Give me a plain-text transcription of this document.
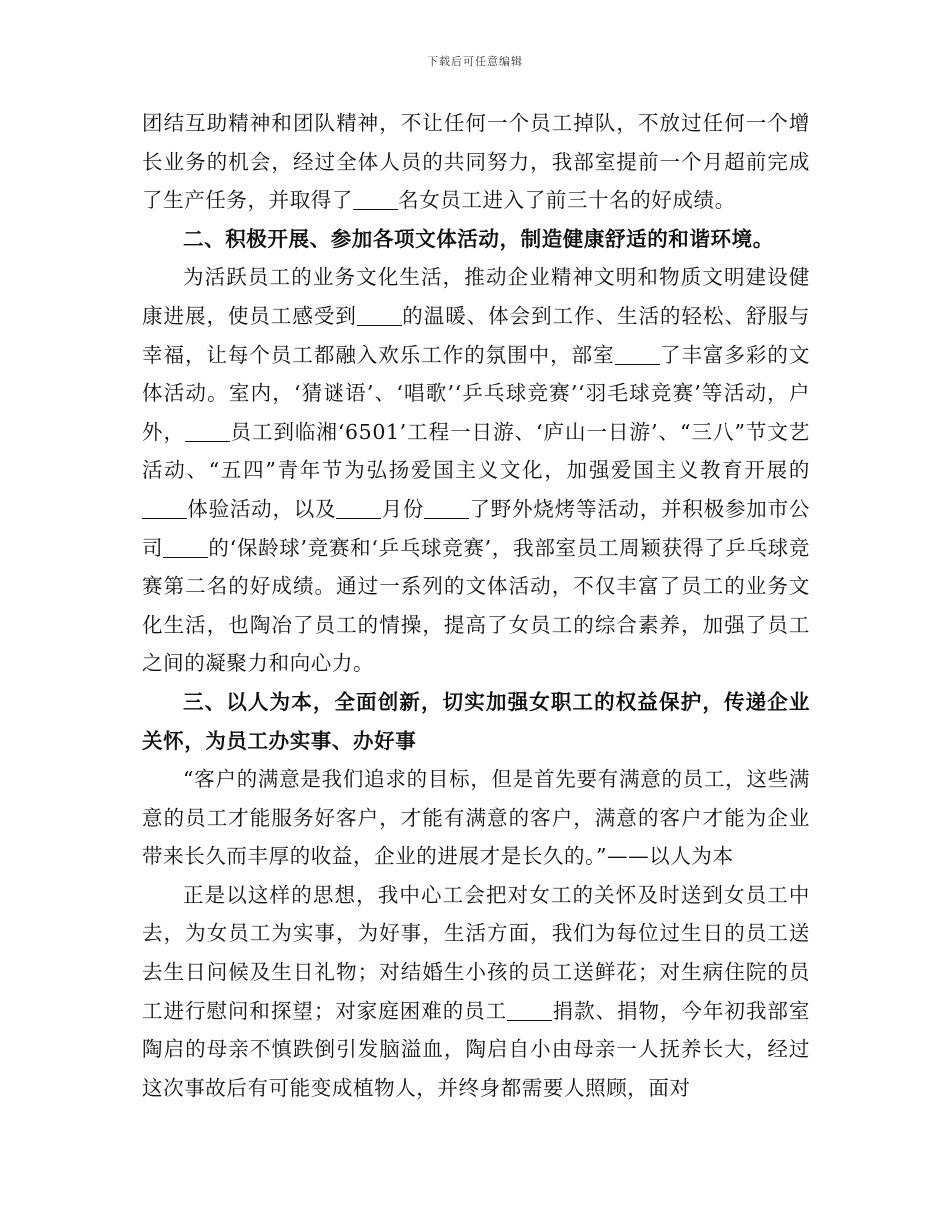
下载后可任意编辑

团结互助精神和团队精神，不让任何一个员工掉队，不放过任何一个增长业务的机会，经过全体人员的共同努力，我部室提前一个月超前完成了生产任务，并取得了 名女员工进入了前三十名的好成绩。

二、积极开展、参加各项文体活动，制造健康舒适的和谐环境。

为活跃员工的业务文化生活，推动企业精神文明和物质文明建设健康进展，使员工感受到 的温暖、体会到工作、生活的轻松、舒服与幸福，让每个员工都融入欢乐工作的氛围中，部室 了丰富多彩的文体活动。室内，‘猜谜语’、‘唱歌’‘乒乓球竞赛’‘羽毛球竞赛’等活动，户外， 员工到临湘‘6501’工程一日游、‘庐山一日游’、“三八”节文艺活动、“五四”青年节为弘扬爱国主义文化，加强爱国主义教育开展的体验活动，以及 月份 了野外烧烤等活动，并积极参加市公司 的‘保龄球’竞赛和‘乒乓球竞赛’，我部室员工周颖获得了乒乓球竞赛第二名的好成绩。通过一系列的文体活动，不仅丰富了员工的业务文化生活，也陶冶了员工的情操，提高了女员工的综合素养，加强了员工之间的凝聚力和向心力。

三、以人为本，全面创新，切实加强女职工的权益保护，传递企业关怀，为员工办实事、办好事

“客户的满意是我们追求的目标，但是首先要有满意的员工，这些满意的员工才能服务好客户，才能有满意的客户，满意的客户才能为企业带来长久而丰厚的收益，企业的进展才是长久的。”——以人为本

正是以这样的思想，我中心工会把对女工的关怀及时送到女员工中去，为女员工为实事，为好事，生活方面，我们为每位过生日的员工送去生日问候及生日礼物；对结婚生小孩的员工送鲜花；对生病住院的员工进行慰问和探望；对家庭困难的员工 捐款、捐物，今年初我部室陶启的母亲不慎跌倒引发脑溢血，陶启自小由母亲一人抚养长大，经过这次事故后有可能变成植物人，并终身都需要人照顾，面对
